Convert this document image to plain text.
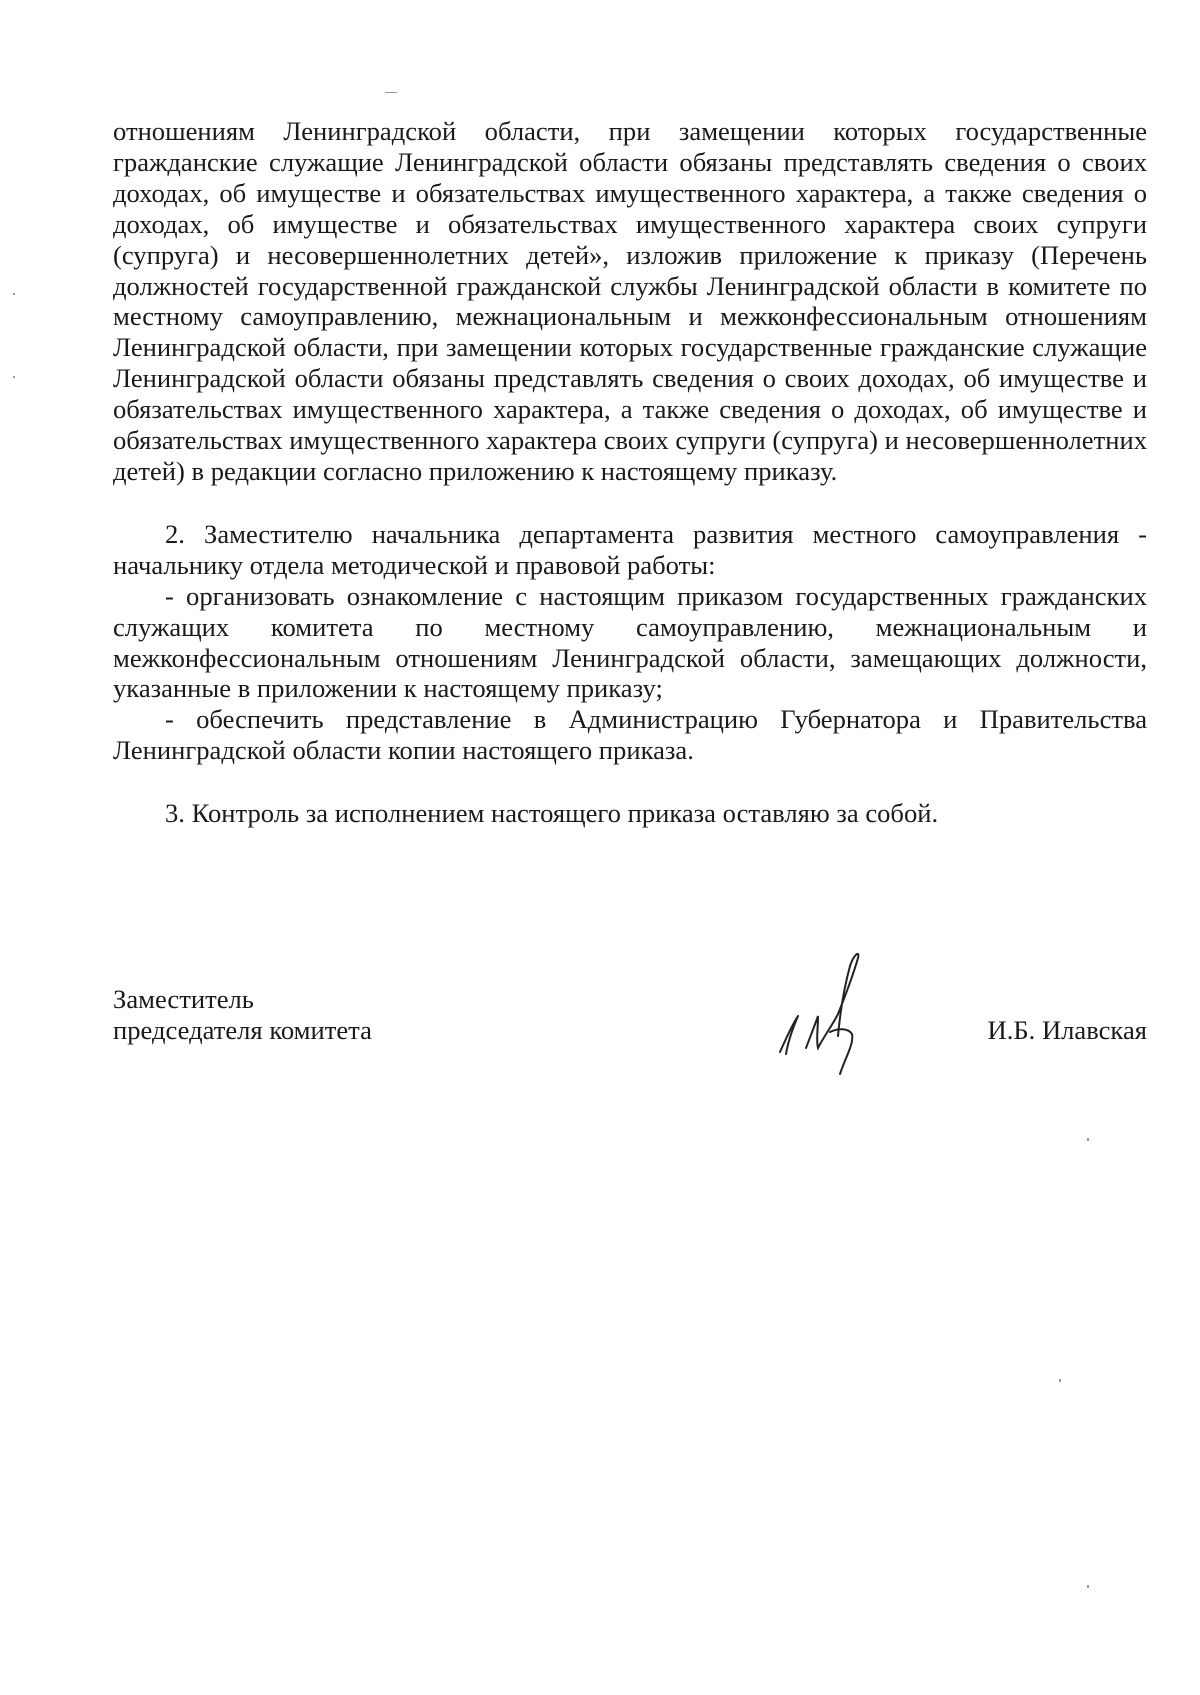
отношениям Ленинградской области, при замещении которых государственные гражданские служащие Ленинградской области обязаны представлять сведения о своих доходах, об имуществе и обязательствах имущественного характера, а также сведения о доходах, об имуществе и обязательствах имущественного характера своих супруги (супруга) и несовершеннолетних детей», изложив приложение к приказу (Перечень должностей государственной гражданской службы Ленинградской области в комитете по местному самоуправлению, межнациональным и межконфессиональным отношениям Ленинградской области, при замещении которых государственные гражданские служащие Ленинградской области обязаны представлять сведения о своих доходах, об имуществе и обязательствах имущественного характера, а также сведения о доходах, об имуществе и обязательствах имущественного характера своих супруги (супруга) и несовершеннолетних детей) в редакции согласно приложению к настоящему приказу.

2. Заместителю начальника департамента развития местного самоуправления - начальнику отдела методической и правовой работы:

- организовать ознакомление с настоящим приказом государственных гражданских служащих комитета по местному самоуправлению, межнациональным и межконфессиональным отношениям Ленинградской области, замещающих должности, указанные в приложении к настоящему приказу;

- обеспечить представление в Администрацию Губернатора и Правительства Ленинградской области копии настоящего приказа.

3. Контроль за исполнением настоящего приказа оставляю за собой.

Заместитель
председателя комитета	И.Б. Илавская
